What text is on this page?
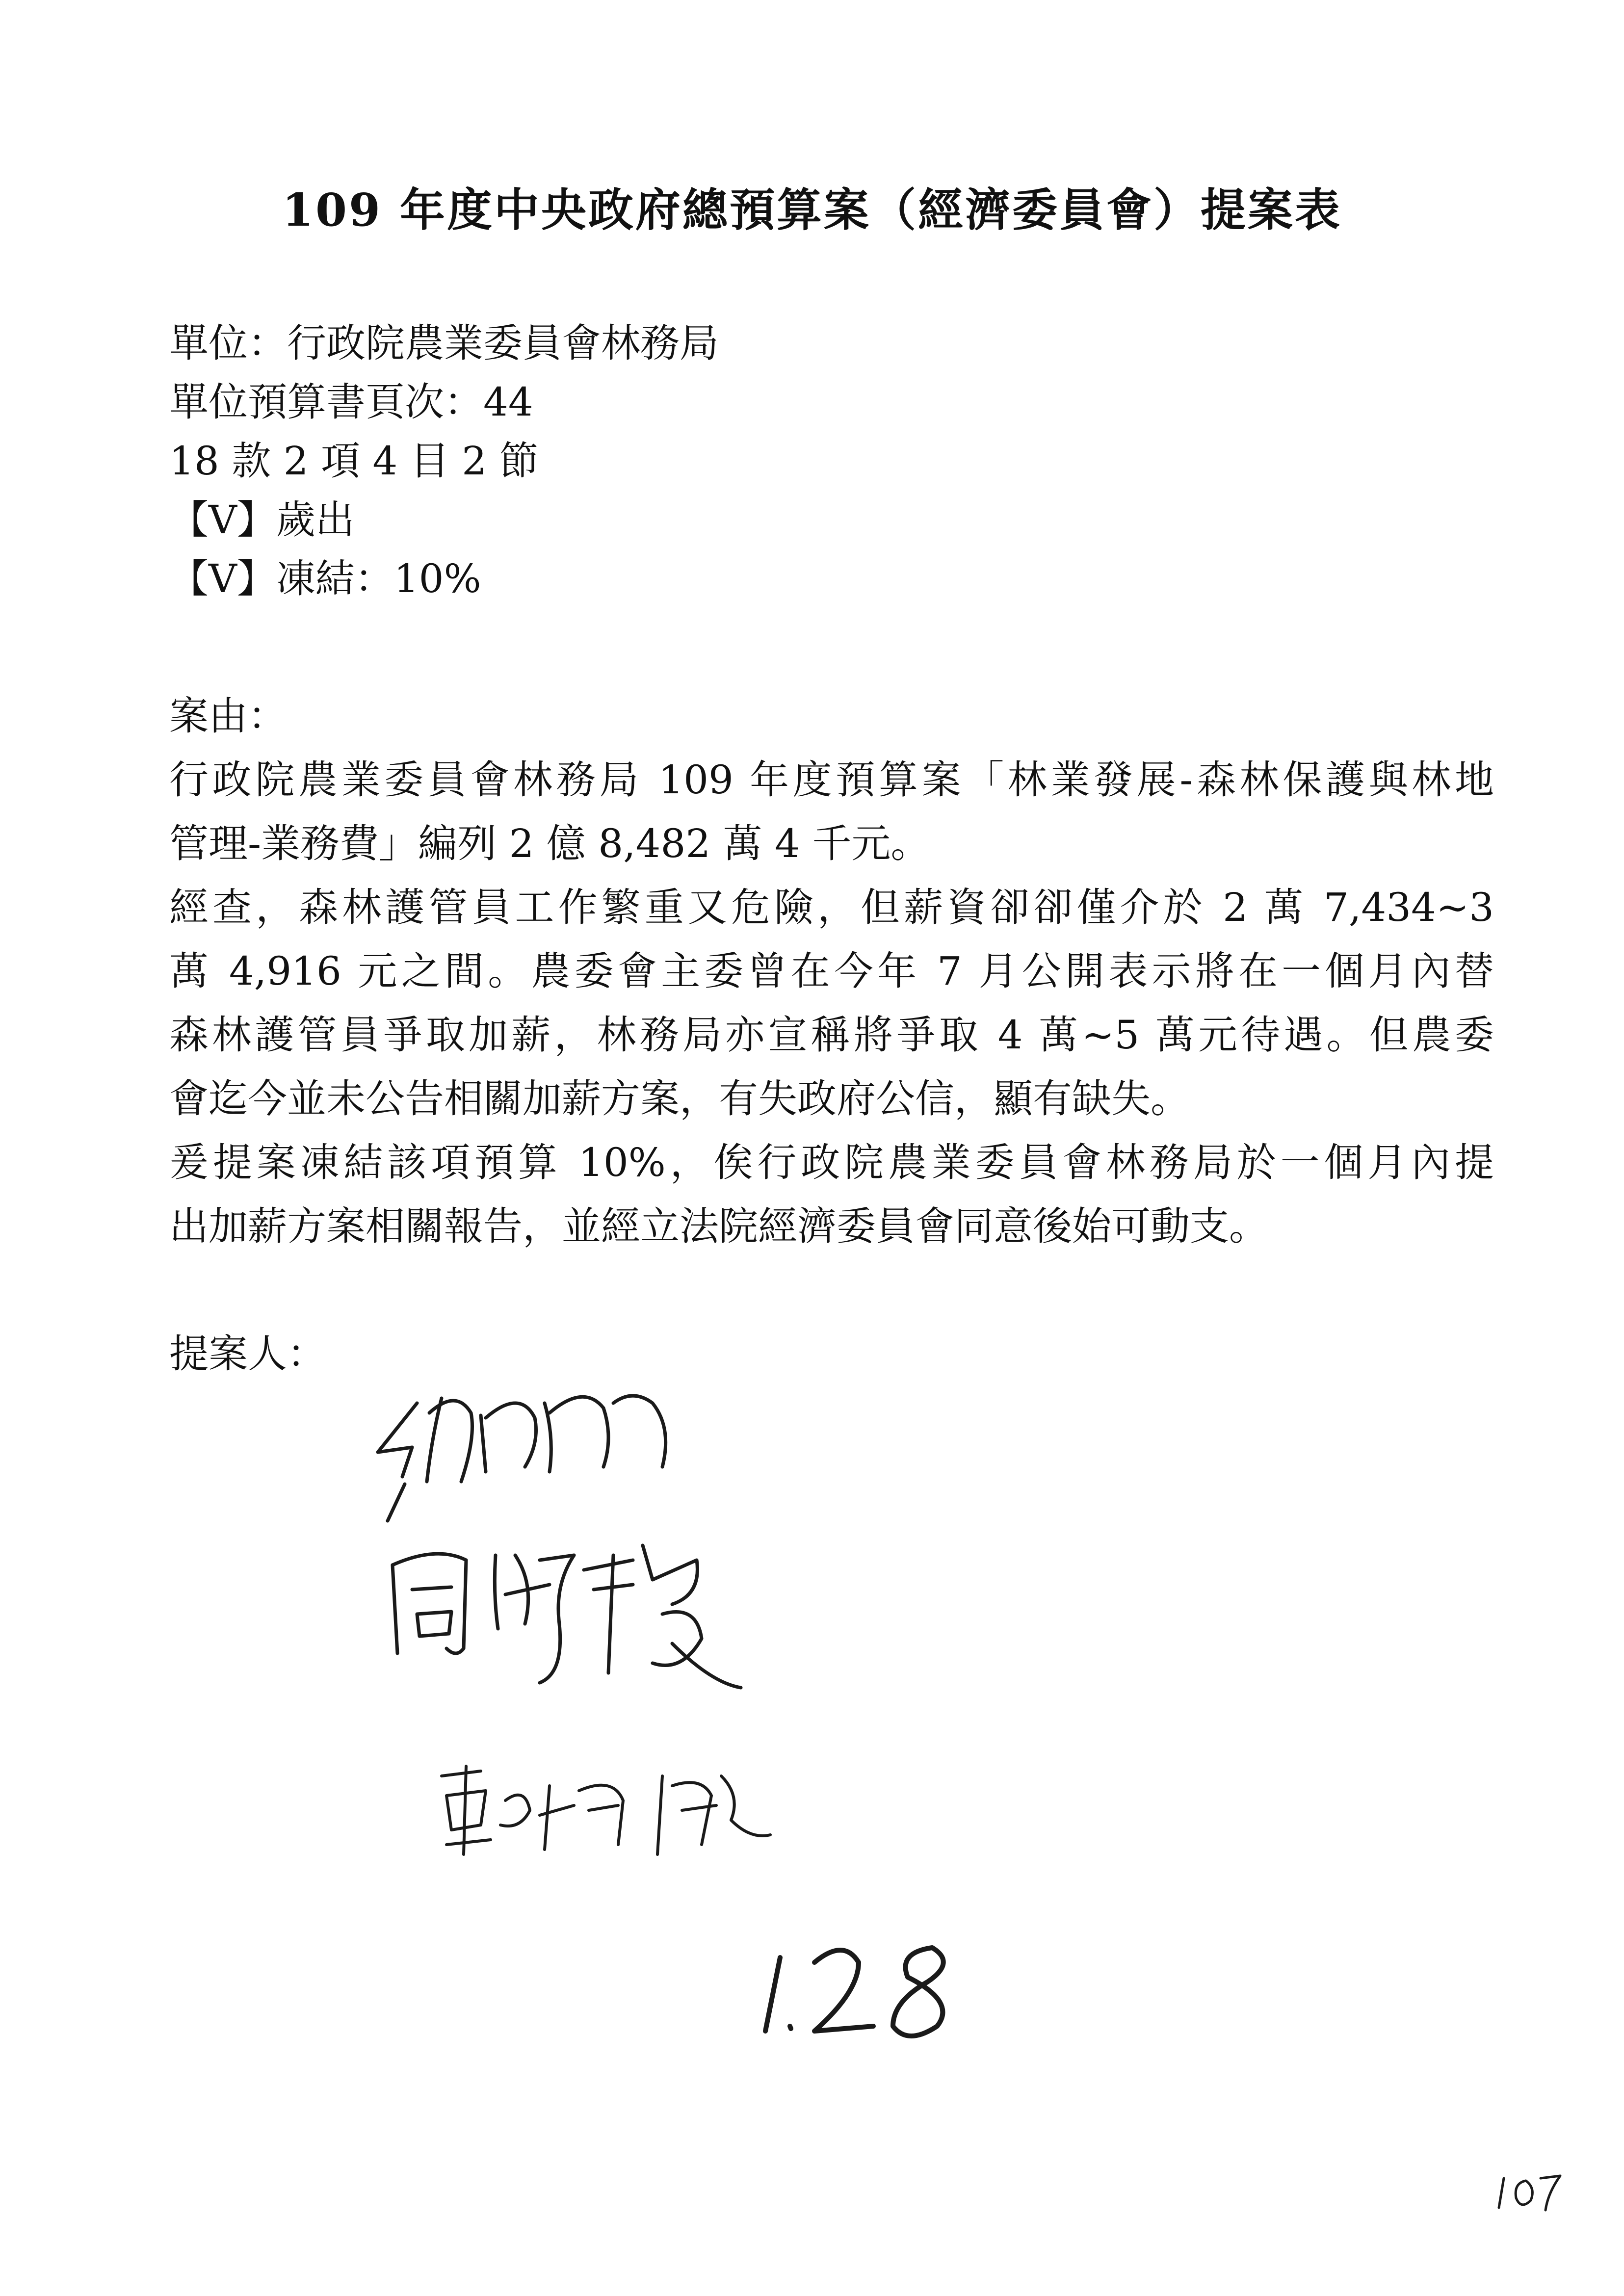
109 年度中央政府總預算案（經濟委員會）提案表
單位：行政院農業委員會林務局
單位預算書頁次：44
18 款 2 項 4 目 2 節
【V】歲出
【V】凍結：10%
案由：
行政院農業委員會林務局 109 年度預算案「林業發展-森林保護與林地
管理-業務費」編列 2 億 8,482 萬 4 千元。
經查，森林護管員工作繁重又危險，但薪資卻卻僅介於 2 萬 7,434~3
萬 4,916 元之間。農委會主委曾在今年 7 月公開表示將在一個月內替
森林護管員爭取加薪，林務局亦宣稱將爭取 4 萬~5 萬元待遇。但農委
會迄今並未公告相關加薪方案，有失政府公信，顯有缺失。
爰提案凍結該項預算 10%，俟行政院農業委員會林務局於一個月內提
出加薪方案相關報告，並經立法院經濟委員會同意後始可動支。
提案人：
